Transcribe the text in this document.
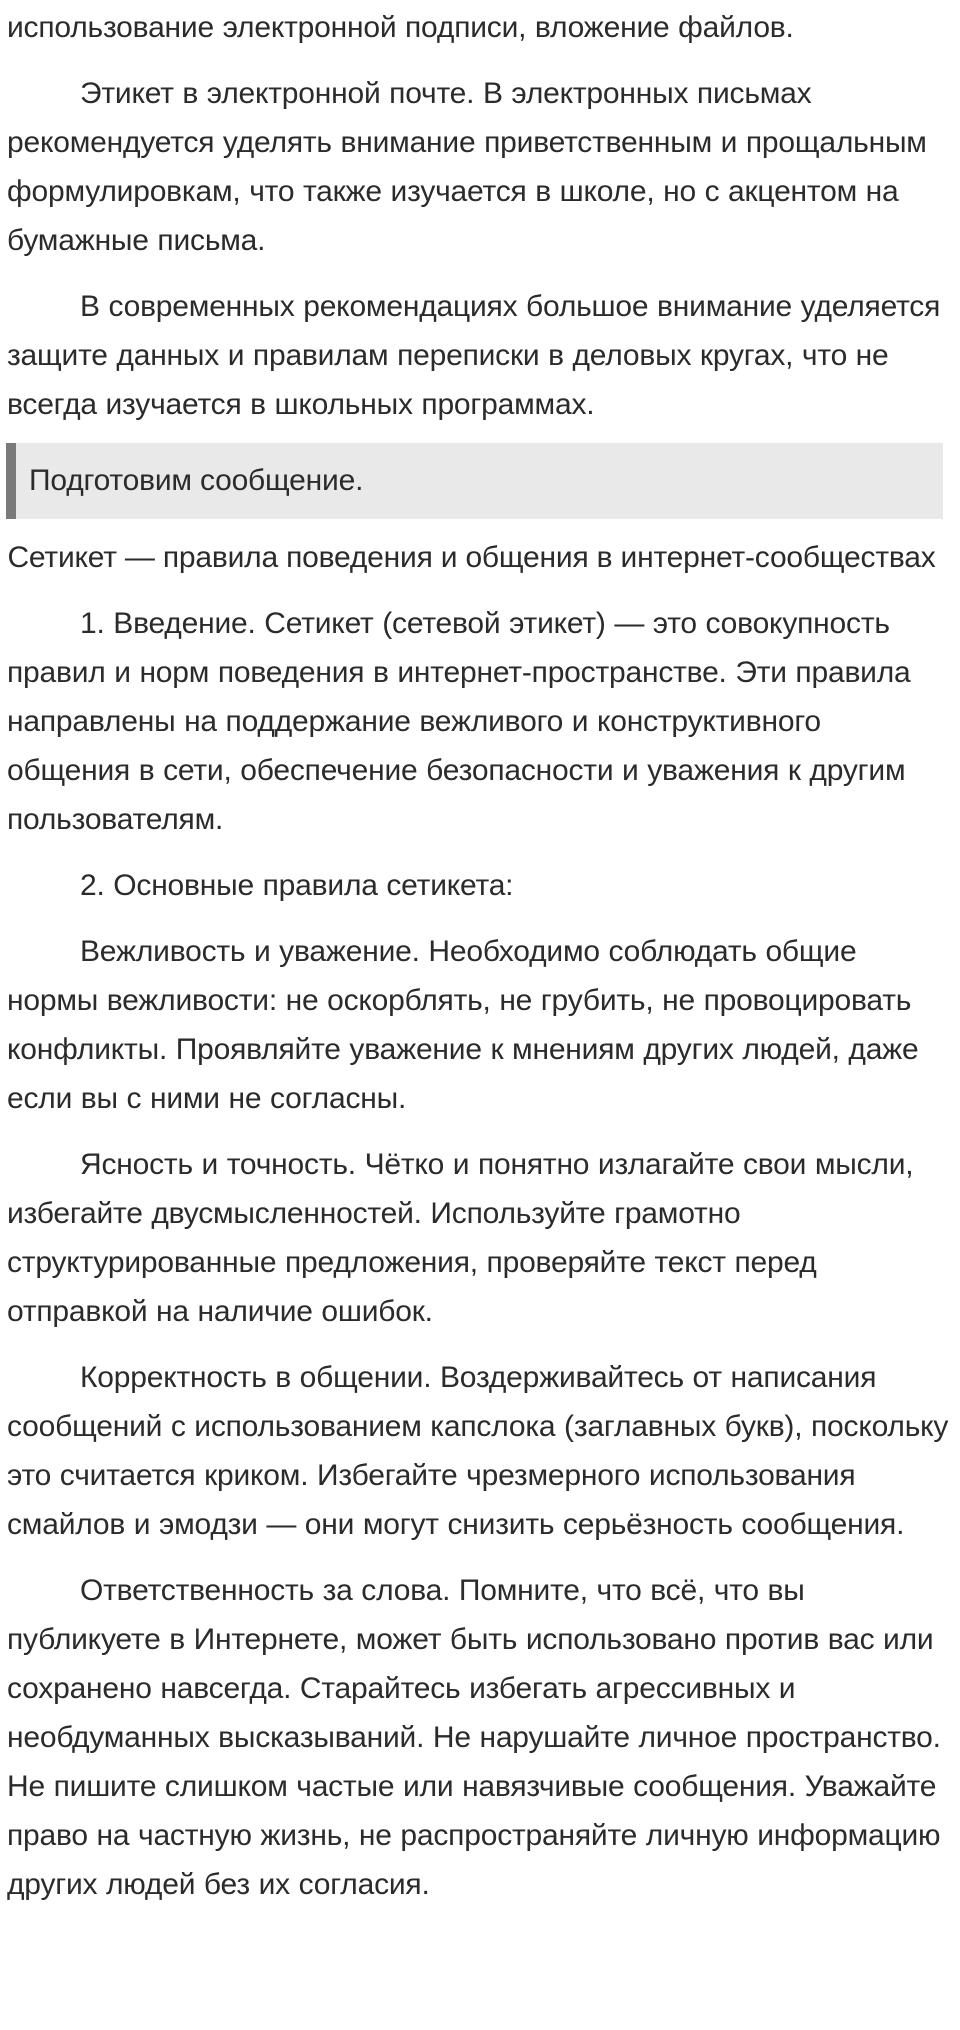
использование электронной подписи, вложение файлов.

Этикет в электронной почте. В электронных письмах рекомендуется уделять внимание приветственным и прощальным формулировкам, что также изучается в школе, но с акцентом на бумажные письма.

В современных рекомендациях большое внимание уделяется защите данных и правилам переписки в деловых кругах, что не всегда изучается в школьных программах.

Подготовим сообщение.

Сетикет — правила поведения и общения в интернет-сообществах

1. Введение. Сетикет (сетевой этикет) — это совокупность правил и норм поведения в интернет-пространстве. Эти правила направлены на поддержание вежливого и конструктивного общения в сети, обеспечение безопасности и уважения к другим пользователям.

2. Основные правила сетикета:

Вежливость и уважение. Необходимо соблюдать общие нормы вежливости: не оскорблять, не грубить, не провоцировать конфликты. Проявляйте уважение к мнениям других людей, даже если вы с ними не согласны.

Ясность и точность. Чётко и понятно излагайте свои мысли, избегайте двусмысленностей. Используйте грамотно структурированные предложения, проверяйте текст перед отправкой на наличие ошибок.

Корректность в общении. Воздерживайтесь от написания сообщений с использованием капслока (заглавных букв), поскольку это считается криком. Избегайте чрезмерного использования смайлов и эмодзи — они могут снизить серьёзность сообщения.

Ответственность за слова. Помните, что всё, что вы публикуете в Интернете, может быть использовано против вас или сохранено навсегда. Старайтесь избегать агрессивных и необдуманных высказываний. Не нарушайте личное пространство. Не пишите слишком частые или навязчивые сообщения. Уважайте право на частную жизнь, не распространяйте личную информацию других людей без их согласия.
